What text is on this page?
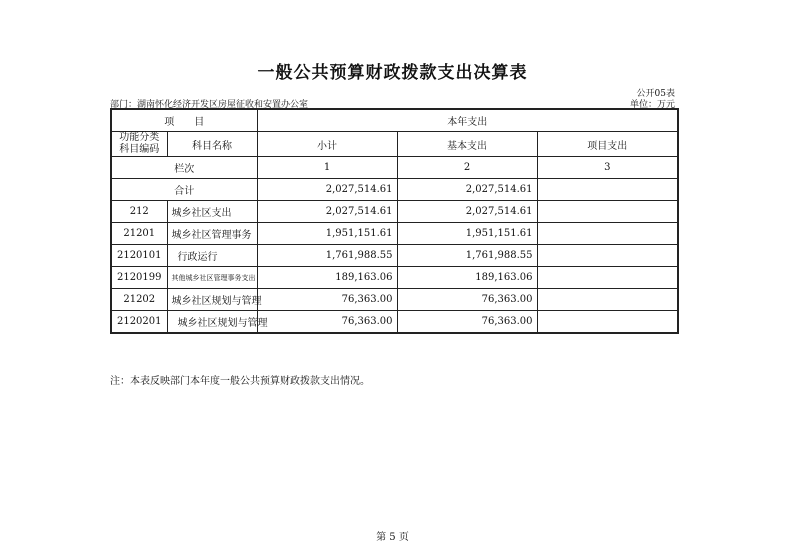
一般公共预算财政拨款支出决算表
公开05表
部门：湖南怀化经济开发区房屋征收和安置办公室	单位：万元
项　　目		本年支出		
功能分类科目编码	科目名称	小计	基本支出	项目支出
栏次		1	2	3
合计		2,027,514.61	2,027,514.61	
212	城乡社区支出	2,027,514.61	2,027,514.61	
21201	城乡社区管理事务	1,951,151.61	1,951,151.61	
2120101	行政运行	1,761,988.55	1,761,988.55	
2120199	其他城乡社区管理事务支出	189,163.06	189,163.06	
21202	城乡社区规划与管理	76,363.00	76,363.00	
2120201	城乡社区规划与管理	76,363.00	76,363.00	
注：本表反映部门本年度一般公共预算财政拨款支出情况。
第 5 页
